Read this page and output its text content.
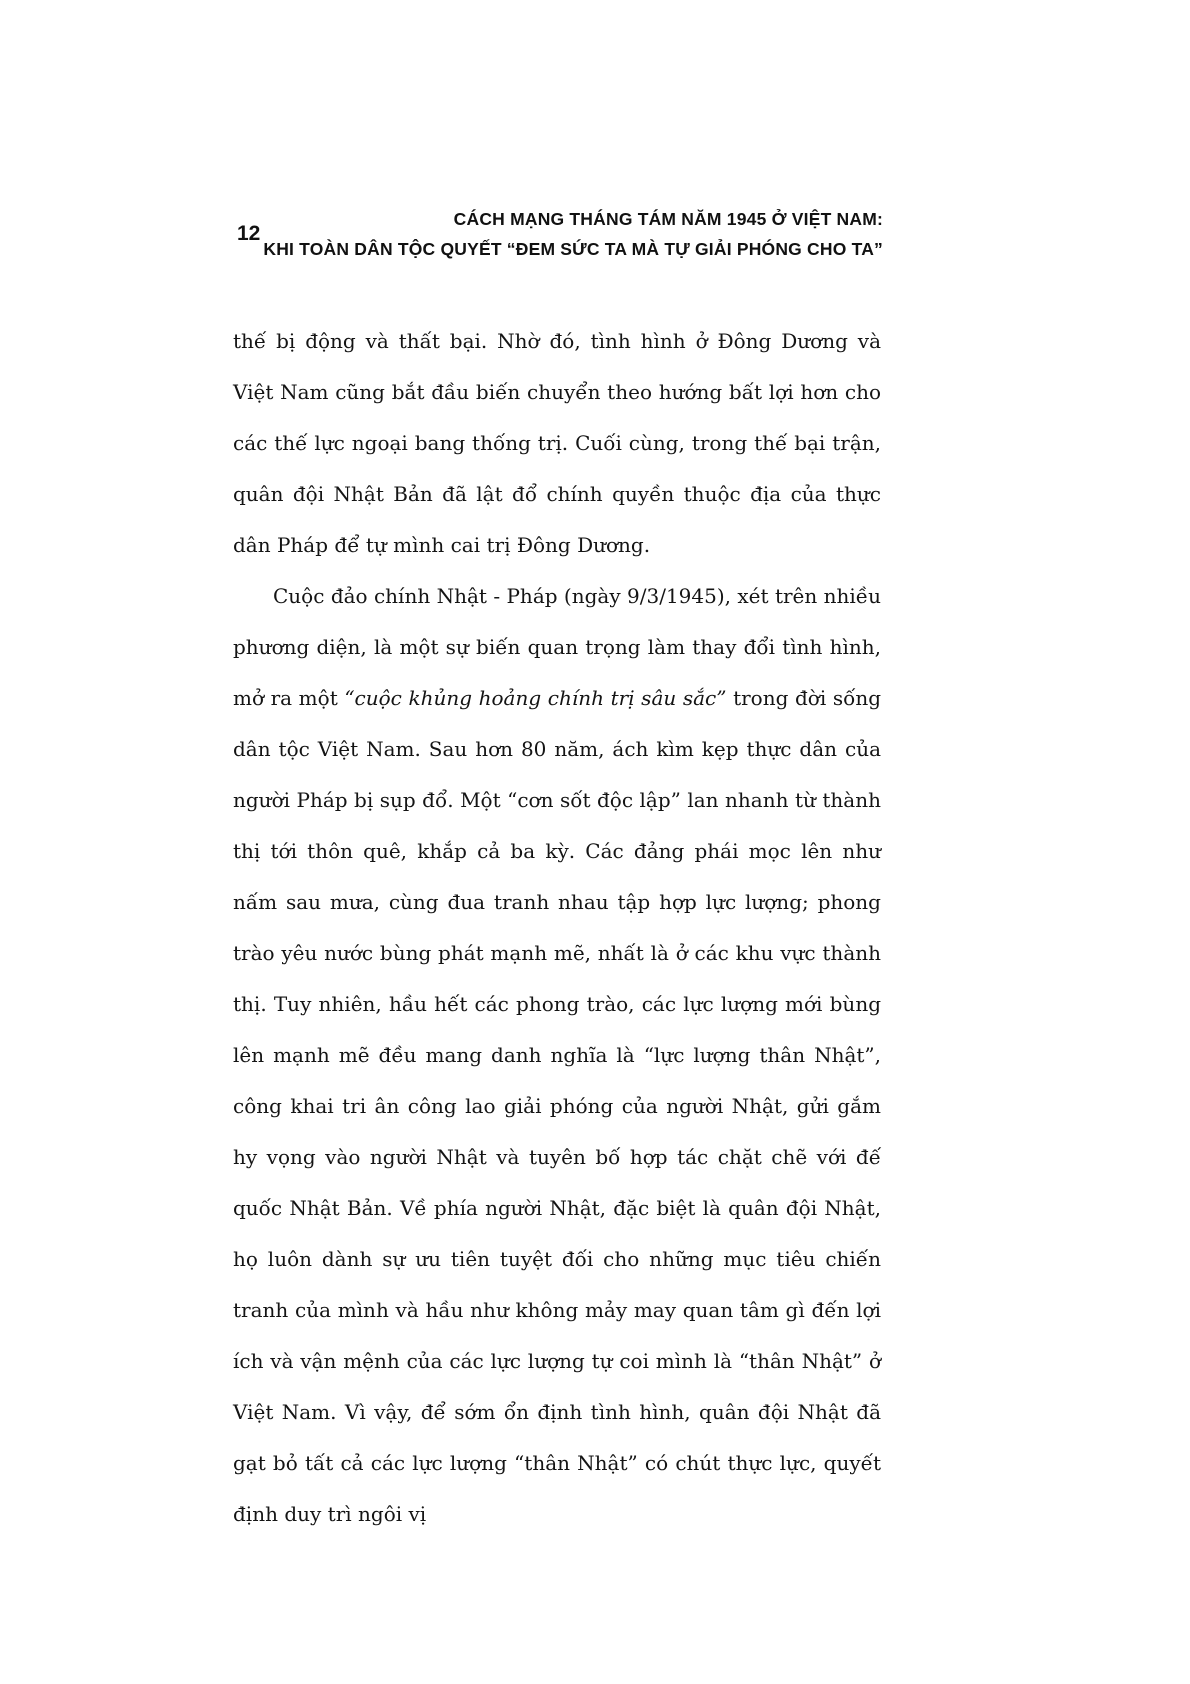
12
CÁCH MẠNG THÁNG TÁM NĂM 1945 Ở VIỆT NAM:
KHI TOÀN DÂN TỘC QUYẾT “ĐEM SỨC TA MÀ TỰ GIẢI PHÓNG CHO TA”

thế bị động và thất bại. Nhờ đó, tình hình ở Đông Dương và Việt Nam cũng bắt đầu biến chuyển theo hướng bất lợi hơn cho các thế lực ngoại bang thống trị. Cuối cùng, trong thế bại trận, quân đội Nhật Bản đã lật đổ chính quyền thuộc địa của thực dân Pháp để tự mình cai trị Đông Dương.

Cuộc đảo chính Nhật - Pháp (ngày 9/3/1945), xét trên nhiều phương diện, là một sự biến quan trọng làm thay đổi tình hình, mở ra một “cuộc khủng hoảng chính trị sâu sắc” trong đời sống dân tộc Việt Nam. Sau hơn 80 năm, ách kìm kẹp thực dân của người Pháp bị sụp đổ. Một “cơn sốt độc lập” lan nhanh từ thành thị tới thôn quê, khắp cả ba kỳ. Các đảng phái mọc lên như nấm sau mưa, cùng đua tranh nhau tập hợp lực lượng; phong trào yêu nước bùng phát mạnh mẽ, nhất là ở các khu vực thành thị. Tuy nhiên, hầu hết các phong trào, các lực lượng mới bùng lên mạnh mẽ đều mang danh nghĩa là “lực lượng thân Nhật”, công khai tri ân công lao giải phóng của người Nhật, gửi gắm hy vọng vào người Nhật và tuyên bố hợp tác chặt chẽ với đế quốc Nhật Bản. Về phía người Nhật, đặc biệt là quân đội Nhật, họ luôn dành sự ưu tiên tuyệt đối cho những mục tiêu chiến tranh của mình và hầu như không mảy may quan tâm gì đến lợi ích và vận mệnh của các lực lượng tự coi mình là “thân Nhật” ở Việt Nam. Vì vậy, để sớm ổn định tình hình, quân đội Nhật đã gạt bỏ tất cả các lực lượng “thân Nhật” có chút thực lực, quyết định duy trì ngôi vị
